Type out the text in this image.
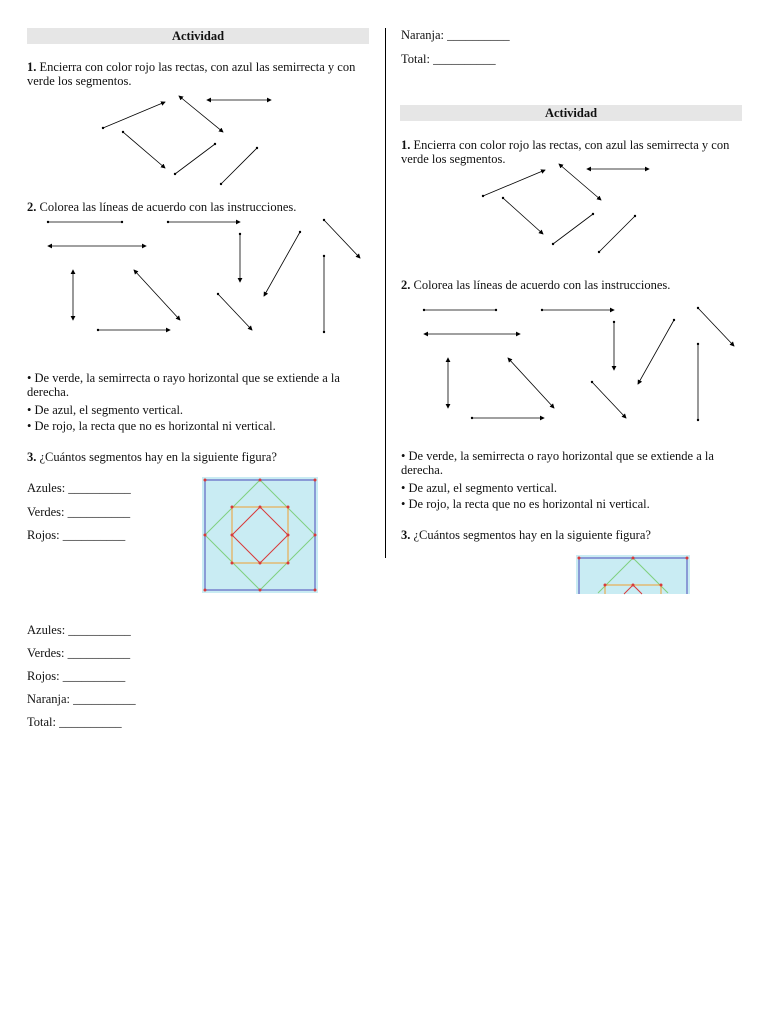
Actividad
1. Encierra con color rojo las rectas, con azul las semirrecta y con verde los segmentos.
2. Colorea las líneas de acuerdo con las instrucciones.
• De verde, la semirrecta o rayo horizontal que se extiende a la derecha.
• De azul, el segmento vertical.
• De rojo, la recta que no es horizontal ni vertical.
3. ¿Cuántos segmentos hay en la siguiente figura?
Azules: __________
Verdes: __________
Rojos: __________
Azules: __________
Verdes: __________
Rojos: __________
Naranja: __________
Total: __________
Naranja: __________
Total: __________
Actividad
1. Encierra con color rojo las rectas, con azul las semirrecta y con verde los segmentos.
2. Colorea las líneas de acuerdo con las instrucciones.
• De verde, la semirrecta o rayo horizontal que se extiende a la derecha.
• De azul, el segmento vertical.
• De rojo, la recta que no es horizontal ni vertical.
3. ¿Cuántos segmentos hay en la siguiente figura?
